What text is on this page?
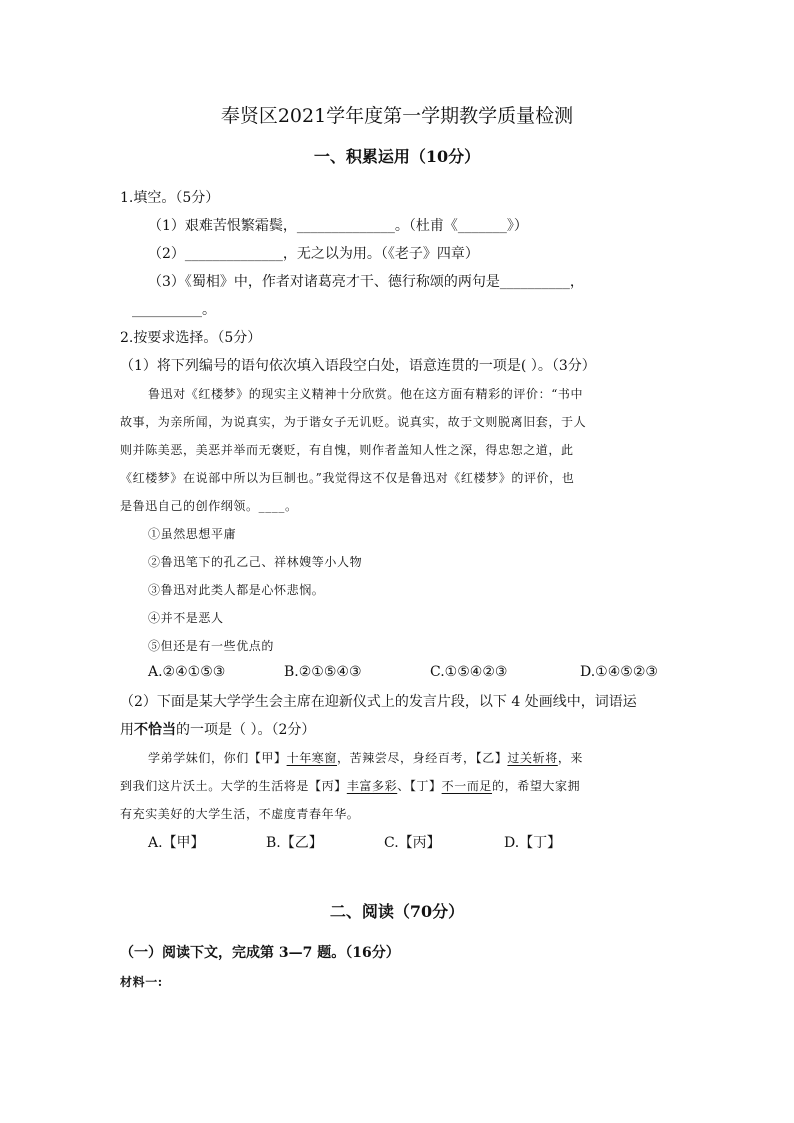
奉贤区2021学年度第一学期教学质量检测
一、积累运用（10分）
1.填空。（5分）
（1）艰难苦恨繁霜鬓，______________。（杜甫《_______》）
（2）______________，无之以为用。（《老子》四章）
（3）《蜀相》中，作者对诸葛亮才干、德行称颂的两句是__________，
__________。
2.按要求选择。（5分）
（1）将下列编号的语句依次填入语段空白处，语意连贯的一项是( ）。（3分）
鲁迅对《红楼梦》的现实主义精神十分欣赏。他在这方面有精彩的评价：“书中
故事，为亲所闻，为说真实，为于谐女子无讥贬。说真实，故于文则脱离旧套，于人
则并陈美恶，美恶并举而无褒贬，有自愧，则作者盖知人性之深，得忠恕之道，此
《红楼梦》在说部中所以为巨制也。”我觉得这不仅是鲁迅对《红楼梦》的评价，也
是鲁迅自己的创作纲领。____。
①虽然思想平庸
②鲁迅笔下的孔乙己、祥林嫂等小人物
③鲁迅对此类人都是心怀悲悯。
④并不是恶人
⑤但还是有一些优点的
A.②④①⑤③	B.②①⑤④③	C.①⑤④②③	D.①④⑤②③
（2）下面是某大学学生会主席在迎新仪式上的发言片段，以下 4 处画线中，词语运
用不恰当的一项是（ ）。（2分）
学弟学妹们，你们【甲】十年寒窗，苦辣尝尽，身经百考，【乙】过关斩将，来
到我们这片沃土。大学的生活将是【丙】丰富多彩、【丁】不一而足的，希望大家拥
有充实美好的大学生活，不虚度青春年华。
A.【甲】	B.【乙】	C.【丙】	D.【丁】
二、阅读（70分）
（一）阅读下文，完成第 3—7 题。（16分）
材料一:
